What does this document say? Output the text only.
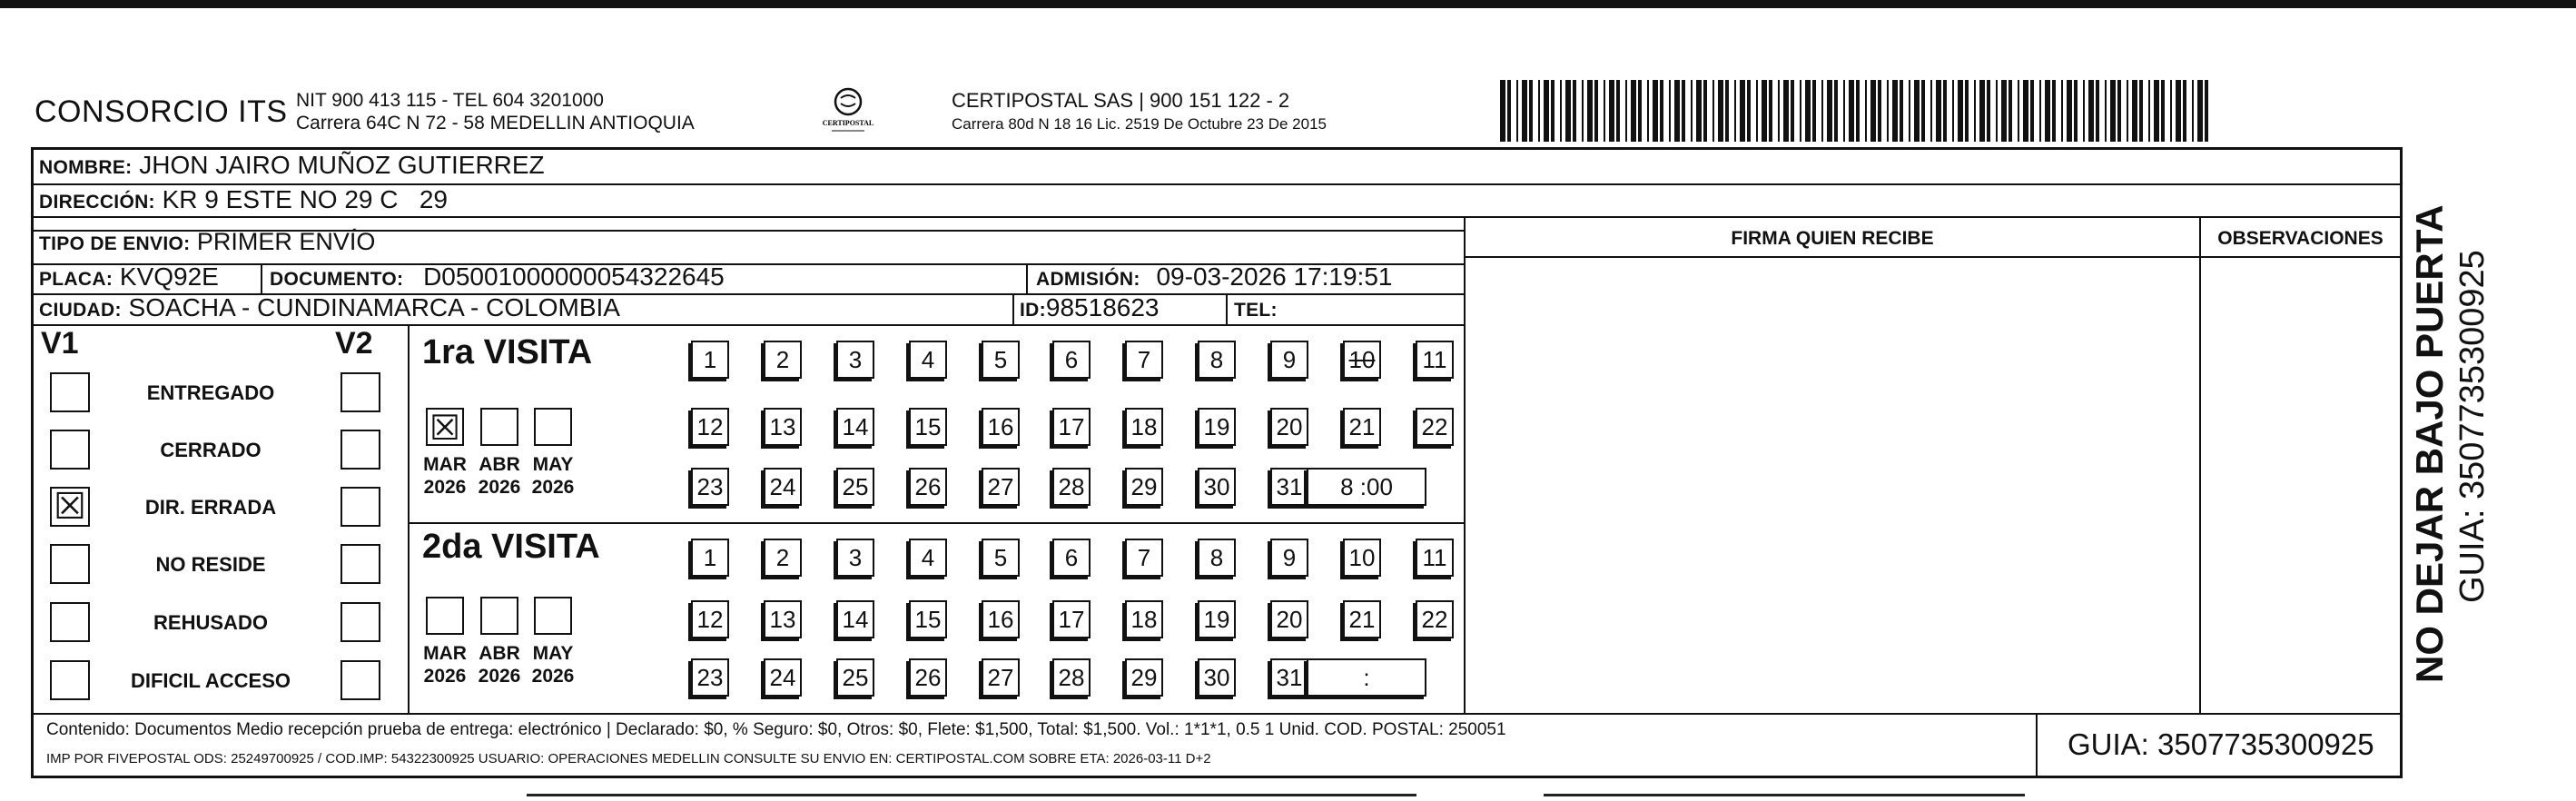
CONSORCIO ITS NIT 900 413 115 - TEL 604 3201000
Carrera 64C N 72 - 58 MEDELLIN ANTIOQUIA	CERTIPOSTAL
CERTIPOSTAL SAS | 900 151 122 - 2
Carrera 80d N 18 16 Lic. 2519 De Octubre 23 De 2015
NOMBRE: JHON JAIRO MUÑOZ GUTIERREZ
DIRECCIÓN: KR 9 ESTE NO 29 C   29
TIPO DE ENVIO: PRIMER ENVÍO
PLACA: KVQ92E	DOCUMENTO: D05001000000054322645	ADMISIÓN: 09-03-2026 17:19:51
CIUDAD: SOACHA - CUNDINAMARCA - COLOMBIA	ID:98518623	TEL:
FIRMA QUIEN RECIBE	OBSERVACIONES
V1	V2
ENTREGADO
CERRADO
☒	DIR. ERRADA
NO RESIDE
REHUSADO
DIFICIL ACCESO
1ra VISITA
☒
MAR
2026
ABR
2026
MAY
2026
1	2	3	4	5	6	7	8	9	10 11
12 13 14 15 16 17 18 19 20 21 22
23 24 25 26 27 28 29 30 31	8 :00
2da VISITA
MAR
2026
ABR
2026
MAY
2026
1	2	3	4	5	6	7	8	9	10 11
12 13 14 15 16 17 18 19 20 21 22
23 24 25 26 27 28 29 30 31	:
Contenido: Documentos Medio recepción prueba de entrega: electrónico | Declarado: $0, % Seguro: $0, Otros: $0, Flete: $1,500, Total: $1,500. Vol.: 1*1*1, 0.5 1 Unid. COD. POSTAL: 250051
IMP POR FIVEPOSTAL ODS: 25249700925 / COD.IMP: 54322300925 USUARIO: OPERACIONES MEDELLIN CONSULTE SU ENVIO EN: CERTIPOSTAL.COM SOBRE ETA: 2026-03-11 D+2	GUIA: 3507735300925
NO DEJAR BAJO PUERTA GUIA: 3507735300925
